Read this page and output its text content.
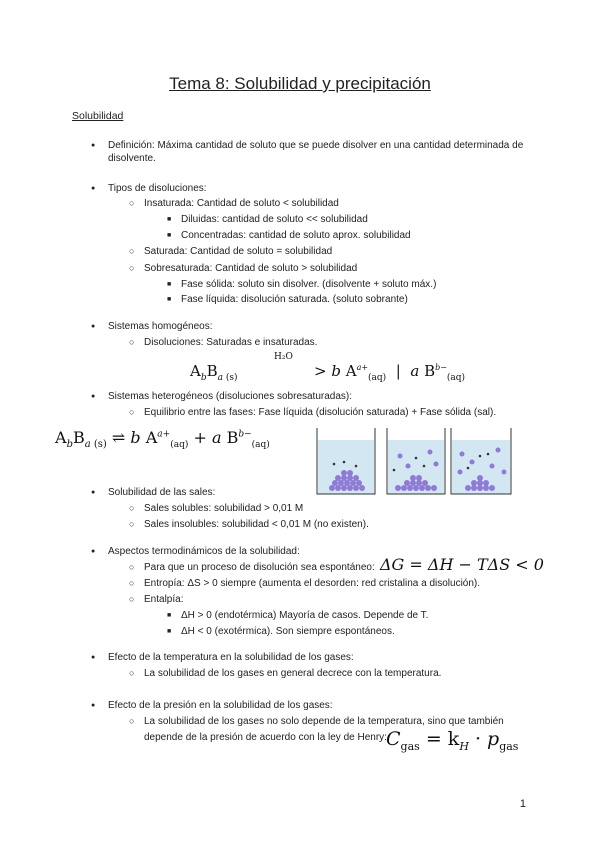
Tema 8: Solubilidad y precipitación
Solubilidad
● Definición: Máxima cantidad de soluto que se puede disolver en una cantidad determinada de disolvente.
● Tipos de disoluciones:
○ Insaturada: Cantidad de soluto < solubilidad
■ Diluidas: cantidad de soluto << solubilidad
■ Concentradas: cantidad de soluto aprox. solubilidad
○ Saturada: Cantidad de soluto = solubilidad
○ Sobresaturada: Cantidad de soluto > solubilidad
■ Fase sólida: soluto sin disolver. (disolvente + soluto máx.)
■ Fase líquida: disolución saturada. (soluto sobrante)
● Sistemas homogéneos:
○ Disoluciones: Saturadas e insaturadas.
$A_bB_{a (s)}$
H₂O
> b $A^{a+}_{(aq)}$  |  a $B^{b-}_{(aq)}$
● Sistemas heterogéneos (disoluciones sobresaturadas):
○ Equilibrio entre las fases: Fase líquida (disolución saturada) + Fase sólida (sal).
$A_bB_{a (s)}$ ⇌ b $A^{a+}_{(aq)} + a$ $B^{b-}_{(aq)}$
● Solubilidad de las sales:
○ Sales solubles: solubilidad > 0,01 M
○ Sales insolubles: solubilidad < 0,01 M (no existen).
● Aspectos termodinámicos de la solubilidad:
○ Para que un proceso de disolución sea espontáneo: ΔG = ΔH − TΔS < 0
○ Entropía: ΔS > 0 siempre (aumenta el desorden: red cristalina a disolución).
○ Entalpía:
■ ΔH > 0 (endotérmica) Mayoría de casos. Depende de T.
■ ΔH < 0 (exotérmica). Son siempre espontáneos.
● Efecto de la temperatura en la solubilidad de los gases:
○ La solubilidad de los gases en general decrece con la temperatura.
● Efecto de la presión en la solubilidad de los gases:
○ La solubilidad de los gases no solo depende de la temperatura, sino que también
depende de la presión de acuerdo con la ley de Henry: $C_{gas} = k_H \cdot p_{gas}$
1
